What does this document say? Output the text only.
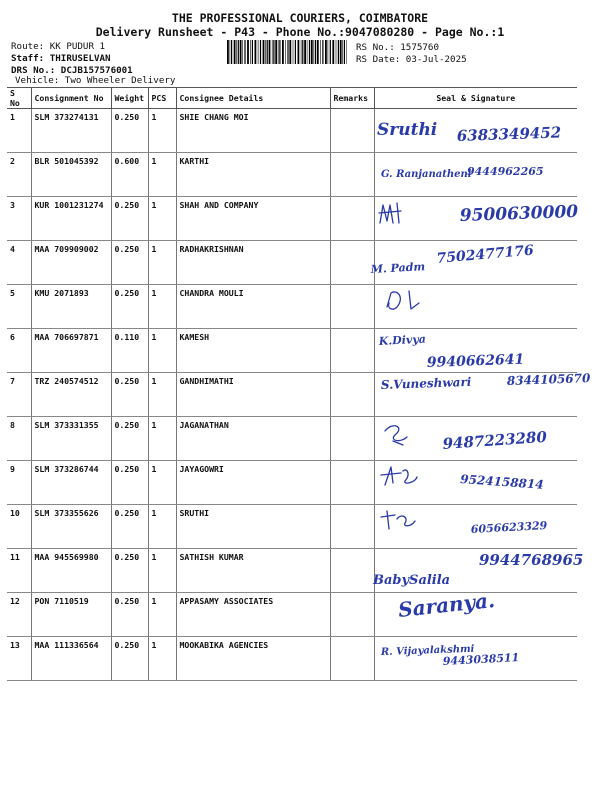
THE PROFESSIONAL COURIERS, COIMBATORE
Delivery Runsheet - P43 - Phone No.:9047080280 - Page No.:1
Route: KK PUDUR 1
Staff: THIRUSELVAN
DRS No.: DCJB157576001
Vehicle: Two Wheeler Delivery
RS No.: 1575760
RS Date: 03-Jul-2025
S No	Consignment No	Weight	PCS	Consignee Details	Remarks	Seal & Signature
1	SLM 373274131	0.250	1	SHIE CHANG MOI		Sruthi 6383349452

2	BLR 501045392	0.600	1	KARTHI		G. Ranjanatheni
9444962265

3	KUR 1001231274	0.250	1	SHAH AND COMPANY		9500630000

4	MAA 709909002	0.250	1	RADHAKRISHNAN		M. Padm
7502477176

5	KMU 2071893	0.250	1	CHANDRA MOULI		

6	MAA 706697871	0.110	1	KAMESH		K.Divya
9940662641

7	TRZ 240574512	0.250	1	GANDHIMATHI		S.Vuneshwari 8344105670

8	SLM 373331355	0.250	1	JAGANATHAN		9487223280

9	SLM 373286744	0.250	1	JAYAGOWRI		9524158814

10	SLM 373355626	0.250	1	SRUTHI		6056623329

11	MAA 945569980	0.250	1	SATHISH KUMAR		BabySalila
9944768965

12	PON 7110519	0.250	1	APPASAMY ASSOCIATES		Saranya.

13	MAA 111336564	0.250	1	MOOKABIKA AGENCIES		R. Vijayalakshmi
9443038511
